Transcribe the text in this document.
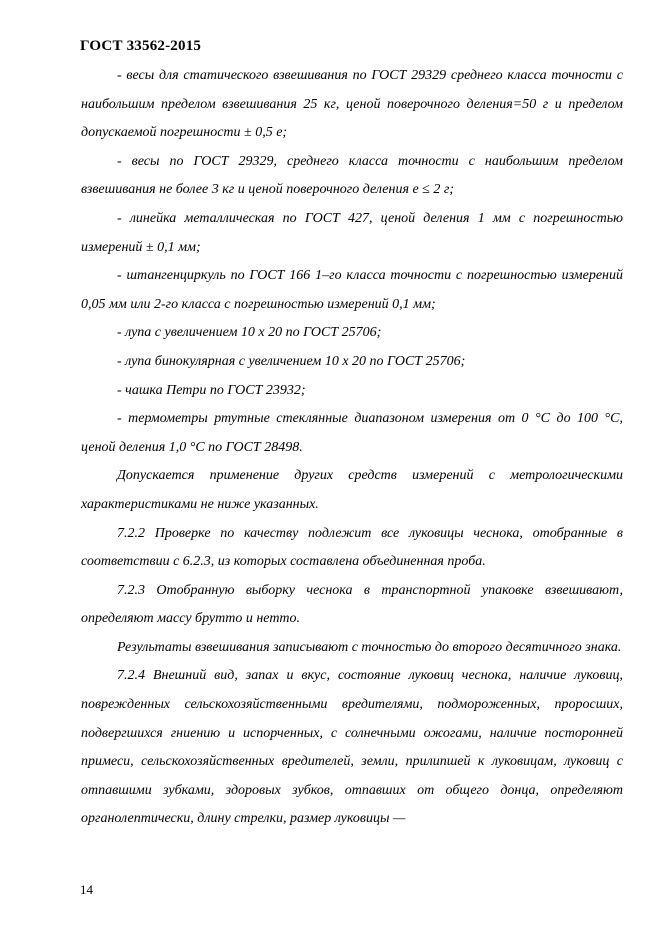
ГОСТ 33562-2015

- весы для статического взвешивания по ГОСТ 29329 среднего класса точности с наибольшим пределом взвешивания 25 кг, ценой поверочного деления=50 г и пределом допускаемой погрешности ± 0,5 е;

- весы по ГОСТ 29329, среднего класса точности с наибольшим пределом взвешивания не более 3 кг и ценой поверочного деления е ≤ 2 г;

- линейка металлическая по ГОСТ 427, ценой деления 1 мм с погрешностью измерений ± 0,1 мм;

- штангенциркуль по ГОСТ 166 1–го класса точности с погрешностью измерений 0,05 мм или 2-го класса с погрешностью измерений 0,1 мм;

- лупа с увеличением 10 х 20 по ГОСТ 25706;

- лупа бинокулярная с увеличением 10 х 20 по ГОСТ 25706;

- чашка Петри по ГОСТ 23932;

- термометры ртутные стеклянные диапазоном измерения от 0 °С до 100 °С, ценой деления 1,0 °С по ГОСТ 28498.

Допускается применение других средств измерений с метрологическими характеристиками не ниже указанных.

7.2.2 Проверке по качеству подлежит все луковицы чеснока, отобранные в соответствии с 6.2.3, из которых составлена объединенная проба.

7.2.3 Отобранную выборку чеснока в транспортной упаковке взвешивают, определяют массу брутто и нетто.

Результаты взвешивания записывают с точностью до второго десятичного знака.

7.2.4 Внешний вид, запах и вкус, состояние луковиц чеснока, наличие луковиц, поврежденных сельскохозяйственными вредителями, подмороженных, проросших, подвергшихся гниению и испорченных, с солнечными ожогами, наличие посторонней примеси, сельскохозяйственных вредителей, земли, прилипшей к луковицам, луковиц с отпавшими зубками, здоровых зубков, отпавших от общего донца, определяют органолептически, длину стрелки, размер луковицы —

14
